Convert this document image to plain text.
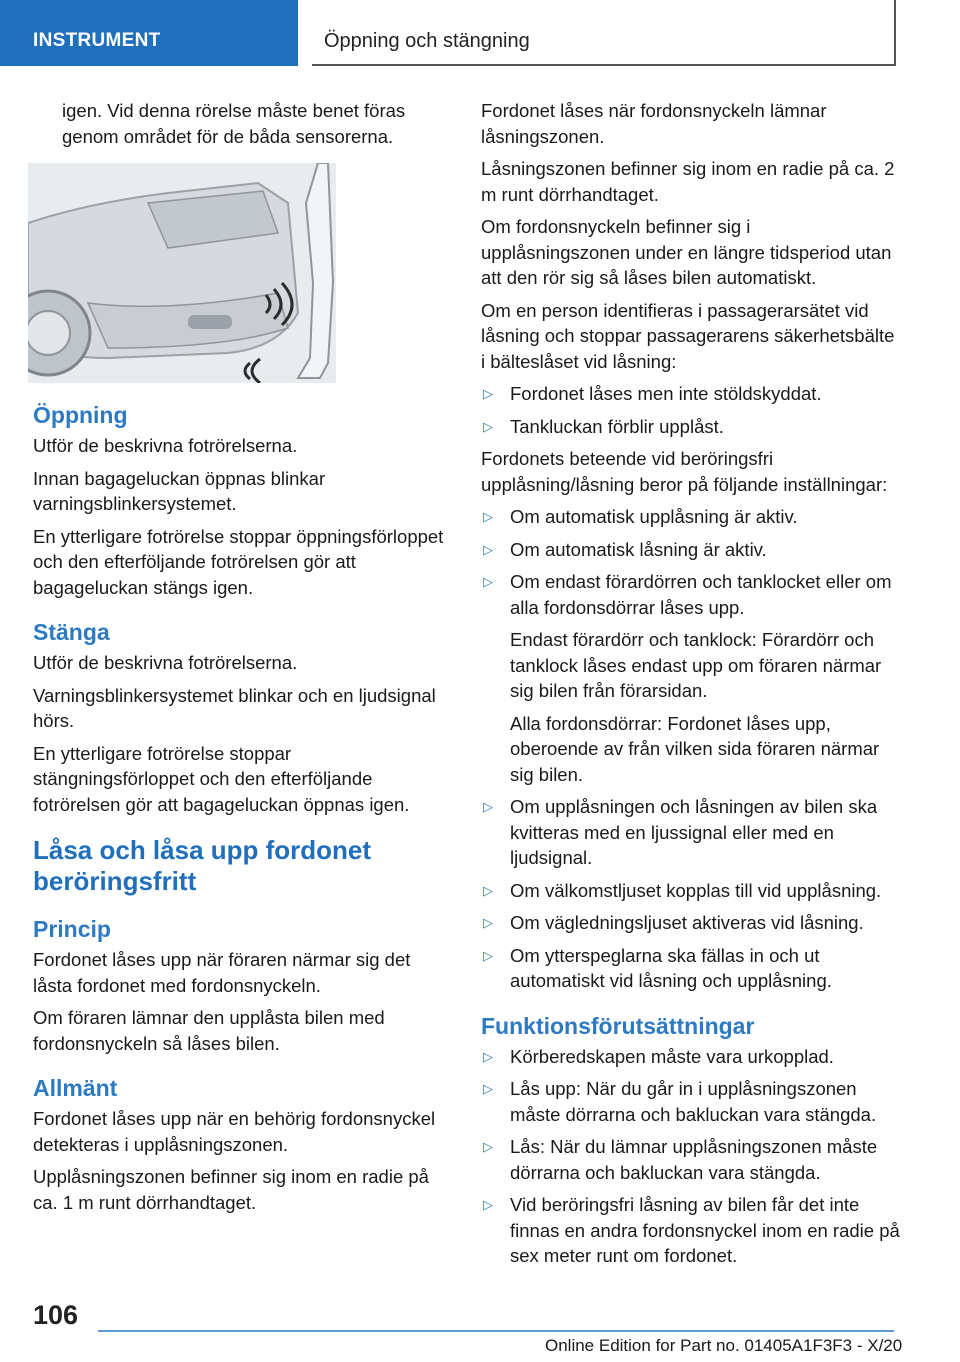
INSTRUMENT	Öppning och stängning

igen. Vid denna rörelse måste benet föras genom området för de båda sensorerna.

Öppning

Utför de beskrivna fotrörelserna.

Innan bagageluckan öppnas blinkar varningsblinkersystemet.

En ytterligare fotrörelse stoppar öppningsförloppet och den efterföljande fotrörelsen gör att bagageluckan stängs igen.

Stänga

Utför de beskrivna fotrörelserna.

Varningsblinkersystemet blinkar och en ljudsignal hörs.

En ytterligare fotrörelse stoppar stängningsförloppet och den efterföljande fotrörelsen gör att bagageluckan öppnas igen.

Låsa och låsa upp fordonet beröringsfritt
Princip

Fordonet låses upp när föraren närmar sig det låsta fordonet med fordonsnyckeln.

Om föraren lämnar den upplåsta bilen med fordonsnyckeln så låses bilen.

Allmänt

Fordonet låses upp när en behörig fordonsnyckel detekteras i upplåsningszonen.

Upplåsningszonen befinner sig inom en radie på ca. 1 m runt dörrhandtaget.

Fordonet låses när fordonsnyckeln lämnar låsningszonen.

Låsningszonen befinner sig inom en radie på ca. 2 m runt dörrhandtaget.

Om fordonsnyckeln befinner sig i upplåsningszonen under en längre tidsperiod utan att den rör sig så låses bilen automatiskt.

Om en person identifieras i passagerarsätet vid låsning och stoppar passagerarens säkerhetsbälte i bälteslåset vid låsning:

▷ Fordonet låses men inte stöldskyddat.
▷ Tankluckan förblir upplåst.

Fordonets beteende vid beröringsfri upplåsning/låsning beror på följande inställningar:

▷ Om automatisk upplåsning är aktiv.
▷ Om automatisk låsning är aktiv.
▷ Om endast förardörren och tanklocket eller om alla fordonsdörrar låses upp.

Endast förardörr och tanklock: Förardörr och tanklock låses endast upp om föraren närmar sig bilen från förarsidan.

Alla fordonsdörrar: Fordonet låses upp, oberoende av från vilken sida föraren närmar sig bilen.

▷ Om upplåsningen och låsningen av bilen ska kvitteras med en ljussignal eller med en ljudsignal.
▷ Om välkomstljuset kopplas till vid upplåsning.
▷ Om vägledningsljuset aktiveras vid låsning.
▷ Om ytterspeglarna ska fällas in och ut automatiskt vid låsning och upplåsning.
Funktionsförutsättningar
▷ Körberedskapen måste vara urkopplad.
▷ Lås upp: När du går in i upplåsningszonen måste dörrarna och bakluckan vara stängda.
▷ Lås: När du lämnar upplåsningszonen måste dörrarna och bakluckan vara stängda.
▷ Vid beröringsfri låsning av bilen får det inte finnas en andra fordonsnyckel inom en radie på sex meter runt om fordonet.
106
Online Edition for Part no. 01405A1F3F3 - X/20
